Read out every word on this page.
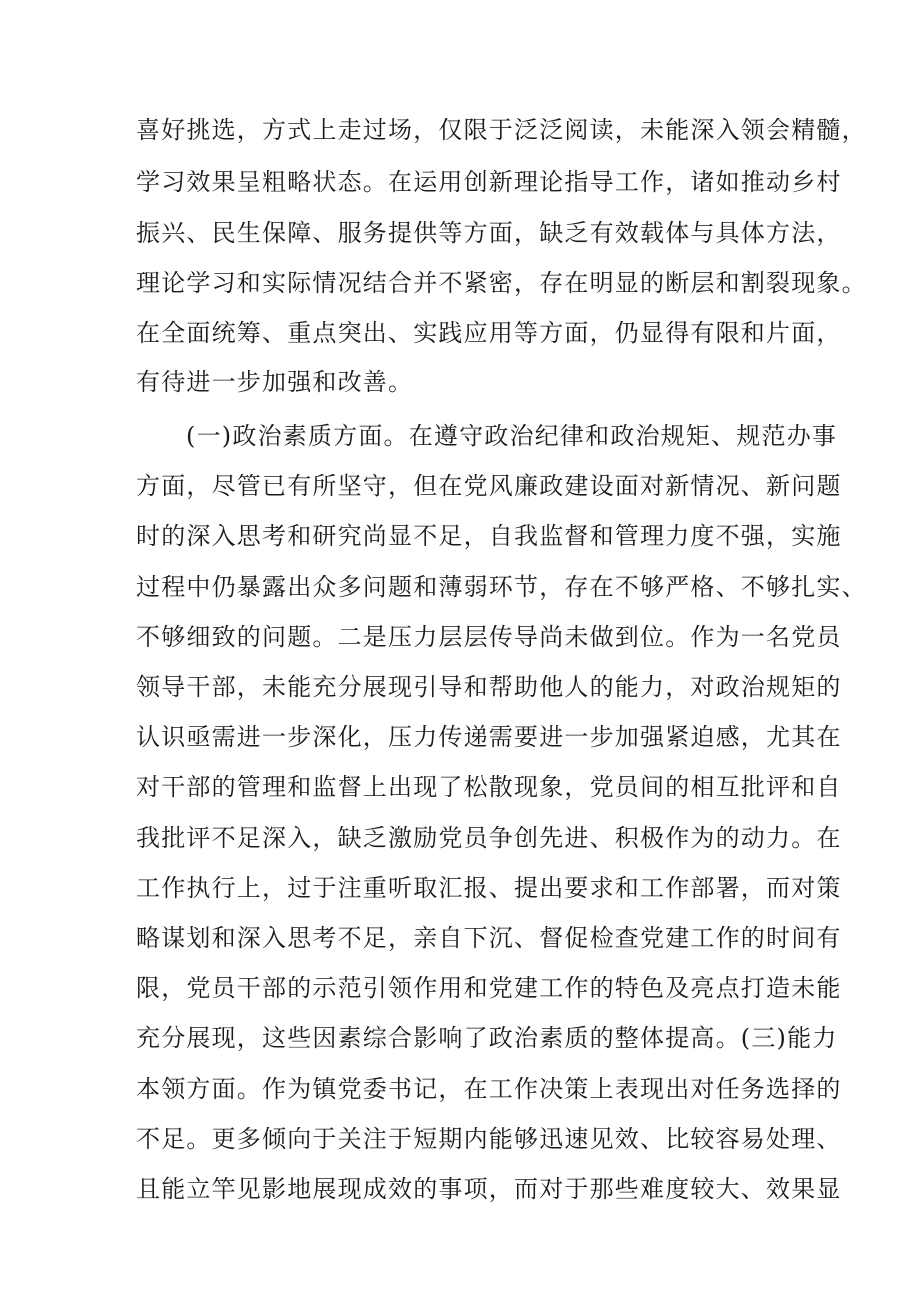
喜好挑选，方式上走过场，仅限于泛泛阅读，未能深入领会精髓，
学习效果呈粗略状态。在运用创新理论指导工作，诸如推动乡村
振兴、民生保障、服务提供等方面，缺乏有效载体与具体方法，
理论学习和实际情况结合并不紧密，存在明显的断层和割裂现象。
在全面统筹、重点突出、实践应用等方面，仍显得有限和片面，
有待进一步加强和改善。
(一)政治素质方面。在遵守政治纪律和政治规矩、规范办事
方面，尽管已有所坚守，但在党风廉政建设面对新情况、新问题
时的深入思考和研究尚显不足，自我监督和管理力度不强，实施
过程中仍暴露出众多问题和薄弱环节，存在不够严格、不够扎实、
不够细致的问题。二是压力层层传导尚未做到位。作为一名党员
领导干部，未能充分展现引导和帮助他人的能力，对政治规矩的
认识亟需进一步深化，压力传递需要进一步加强紧迫感，尤其在
对干部的管理和监督上出现了松散现象，党员间的相互批评和自
我批评不足深入，缺乏激励党员争创先进、积极作为的动力。在
工作执行上，过于注重听取汇报、提出要求和工作部署，而对策
略谋划和深入思考不足，亲自下沉、督促检查党建工作的时间有
限，党员干部的示范引领作用和党建工作的特色及亮点打造未能
充分展现，这些因素综合影响了政治素质的整体提高。(三)能力
本领方面。作为镇党委书记，在工作决策上表现出对任务选择的
不足。更多倾向于关注于短期内能够迅速见效、比较容易处理、
且能立竿见影地展现成效的事项，而对于那些难度较大、效果显
